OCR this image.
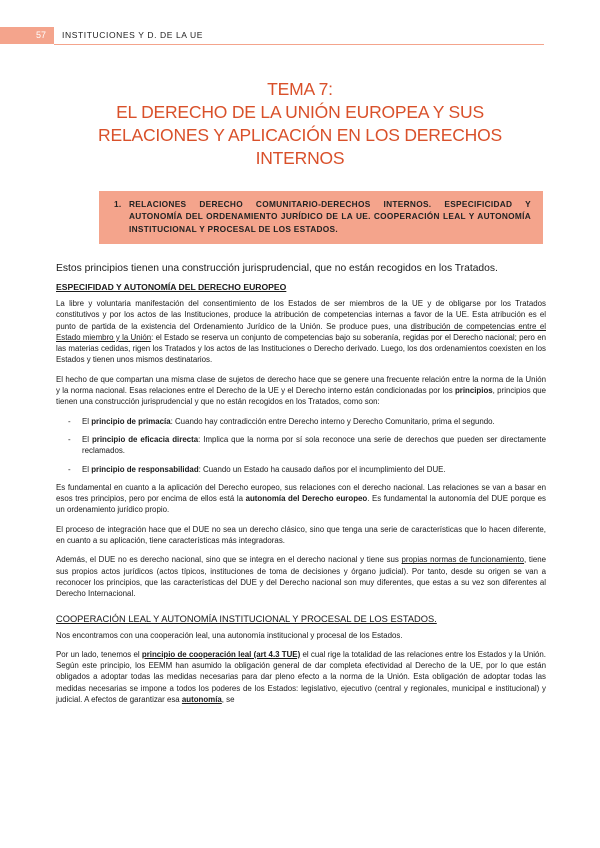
57	INSTITUCIONES Y D. DE LA UE
TEMA 7:
EL DERECHO DE LA UNIÓN EUROPEA Y SUS
RELACIONES Y APLICACIÓN EN LOS DERECHOS
INTERNOS
1. RELACIONES DERECHO COMUNITARIO-DERECHOS INTERNOS. ESPECIFICIDAD Y AUTONOMÍA DEL ORDENAMIENTO JURÍDICO DE LA UE. COOPERACIÓN LEAL Y AUTONOMÍA INSTITUCIONAL Y PROCESAL DE LOS ESTADOS.

Estos principios tienen una construcción jurisprudencial, que no están recogidos en los Tratados.

ESPECIFIDAD Y AUTONOMÍA DEL DERECHO EUROPEO

La libre y voluntaria manifestación del consentimiento de los Estados de ser miembros de la UE y de obligarse por los Tratados constitutivos y por los actos de las Instituciones, produce la atribución de competencias internas a favor de la UE. Esta atribución es el punto de partida de la existencia del Ordenamiento Jurídico de la Unión. Se produce pues, una distribución de competencias entre el Estado miembro y la Unión: el Estado se reserva un conjunto de competencias bajo su soberanía, regidas por el Derecho nacional; pero en las materias cedidas, rigen los Tratados y los actos de las Instituciones o Derecho derivado. Luego, los dos ordenamientos coexisten en los Estados y tienen unos mismos destinatarios.

El hecho de que compartan una misma clase de sujetos de derecho hace que se genere una frecuente relación entre la norma de la Unión y la norma nacional. Esas relaciones entre el Derecho de la UE y el Derecho interno están condicionadas por los principios, principios que tienen una construcción jurisprudencial y que no están recogidos en los Tratados, como son:

- El principio de primacía: Cuando hay contradicción entre Derecho interno y Derecho Comunitario, prima el segundo.
- El principio de eficacia directa: Implica que la norma por sí sola reconoce una serie de derechos que pueden ser directamente reclamados.
- El principio de responsabilidad: Cuando un Estado ha causado daños por el incumplimiento del DUE.

Es fundamental en cuanto a la aplicación del Derecho europeo, sus relaciones con el derecho nacional. Las relaciones se van a basar en esos tres principios, pero por encima de ellos está la autonomía del Derecho europeo. Es fundamental la autonomía del DUE porque es un ordenamiento jurídico propio.

El proceso de integración hace que el DUE no sea un derecho clásico, sino que tenga una serie de características que lo hacen diferente, en cuanto a su aplicación, tiene características más integradoras.

Además, el DUE no es derecho nacional, sino que se integra en el derecho nacional y tiene sus propias normas de funcionamiento, tiene sus propios actos jurídicos (actos típicos, instituciones de toma de decisiones y órgano judicial). Por tanto, desde su origen se van a reconocer los principios, que las características del DUE y del Derecho nacional son muy diferentes, que estas a su vez son diferentes al Derecho Internacional.

COOPERACIÓN LEAL Y AUTONOMÍA INSTITUCIONAL Y PROCESAL DE LOS ESTADOS.

Nos encontramos con una cooperación leal, una autonomía institucional y procesal de los Estados.

Por un lado, tenemos el principio de cooperación leal (art 4.3 TUE) el cual rige la totalidad de las relaciones entre los Estados y la Unión. Según este principio, los EEMM han asumido la obligación general de dar completa efectividad al Derecho de la UE, por lo que están obligados a adoptar todas las medidas necesarias para dar pleno efecto a la norma de la Unión. Esta obligación de adoptar todas las medidas necesarias se impone a todos los poderes de los Estados: legislativo, ejecutivo (central y regionales, municipal e institucional) y judicial. A efectos de garantizar esa autonomía, se
